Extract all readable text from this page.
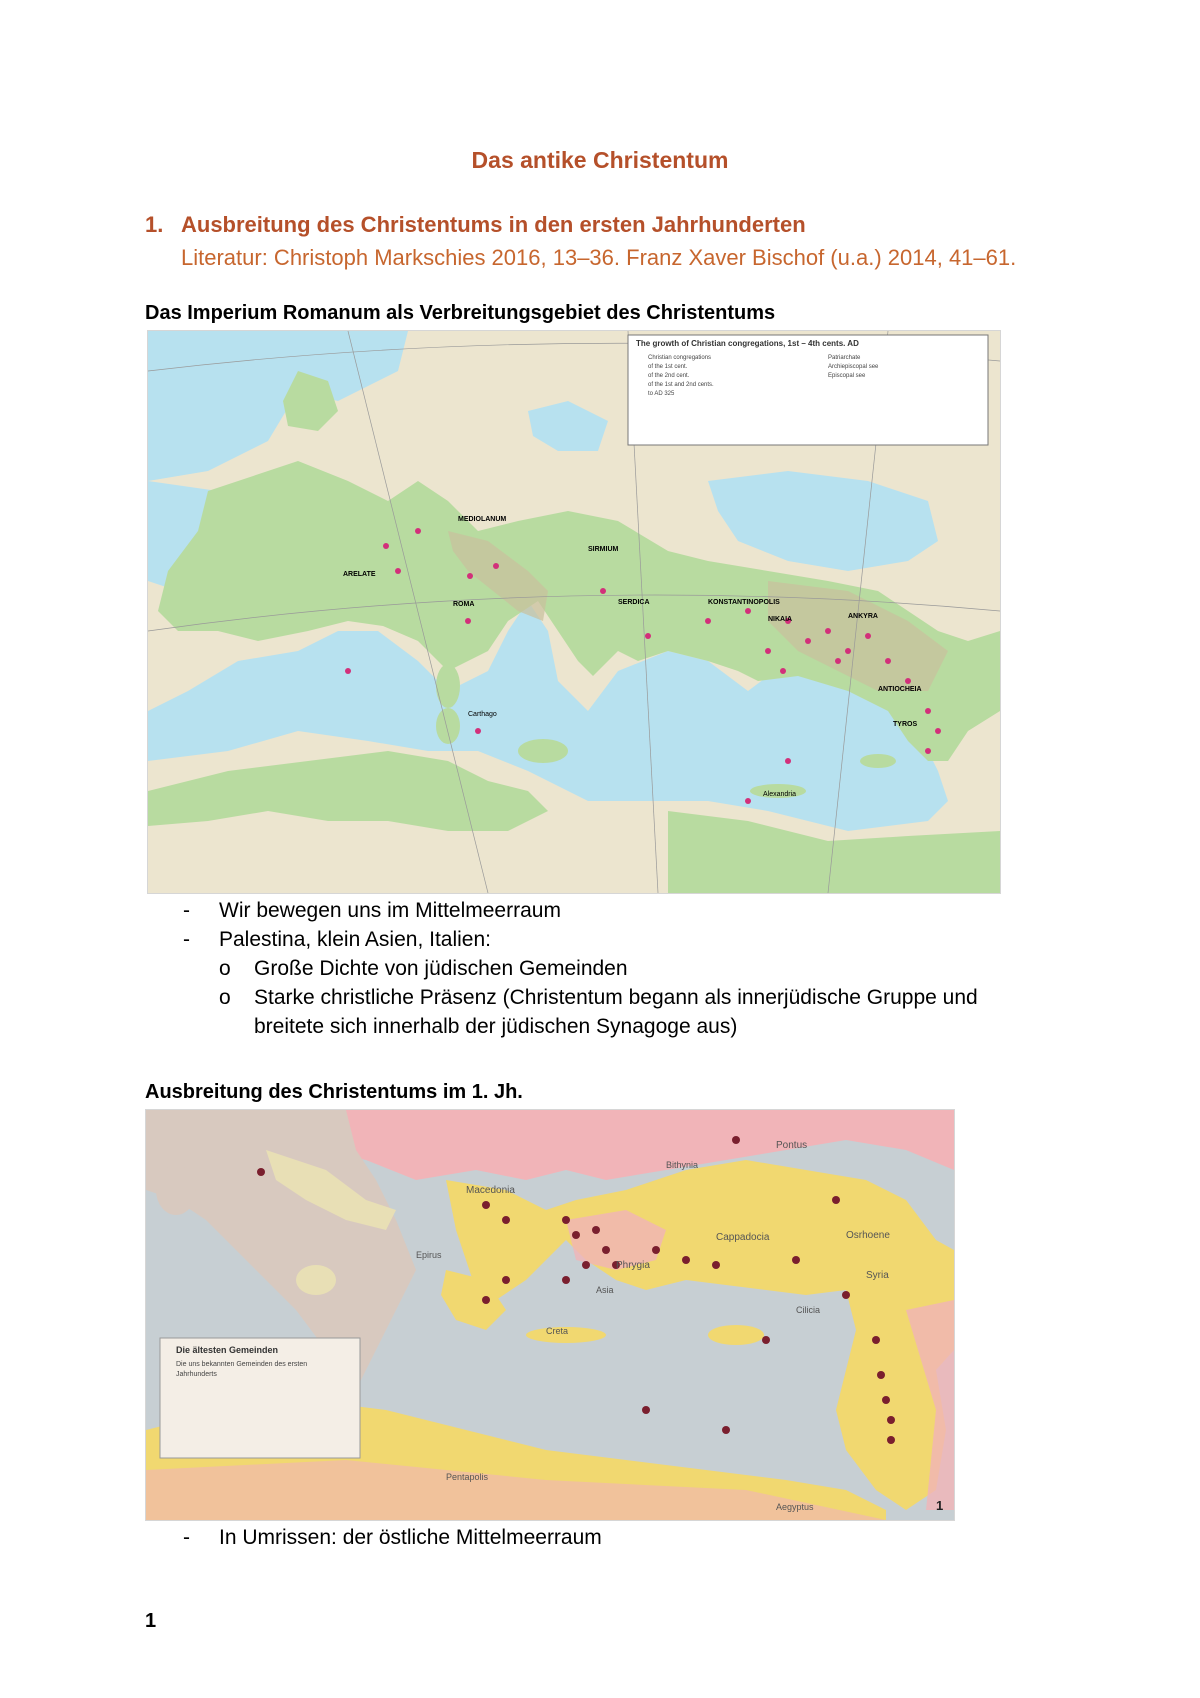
Das antike Christentum
1. Ausbreitung des Christentums in den ersten Jahrhunderten
Literatur: Christoph Markschies 2016, 13–36. Franz Xaver Bischof (u.a.) 2014, 41–61.
Das Imperium Romanum als Verbreitungsgebiet des Christentums
The growth of Christian congregations, 1st – 4th cents. AD
Christian congregations
of the 1st cent.
of the 2nd cent.
of the 1st and 2nd cents.
to AD 325
Patriarchate
Archiepiscopal see
Episcopal see
ROMA
MEDIOLANUM
KONSTANTINOPOLIS
NIKAIA
ANTIOCHEIA
Alexandria
Carthago
SERDICA
SIRMIUM
ARELATE
ANKYRA
TYROS
- Wir bewegen uns im Mittelmeerraum
- Palestina, klein Asien, Italien:
o Große Dichte von jüdischen Gemeinden
o Starke christliche Präsenz (Christentum begann als innerjüdische Gruppe und
breitete sich innerhalb der jüdischen Synagoge aus)
Ausbreitung des Christentums im 1. Jh.
Die ältesten Gemeinden
Die uns bekannten Gemeinden des ersten Jahrhunderts
Pontus
Macedonia
Cappadocia
Phrygia
Creta
Syria
Osrhoene
Pentapolis
Aegyptus
Epirus
Bithynia
Asia
Cilicia
1
- In Umrissen: der östliche Mittelmeerraum
1
